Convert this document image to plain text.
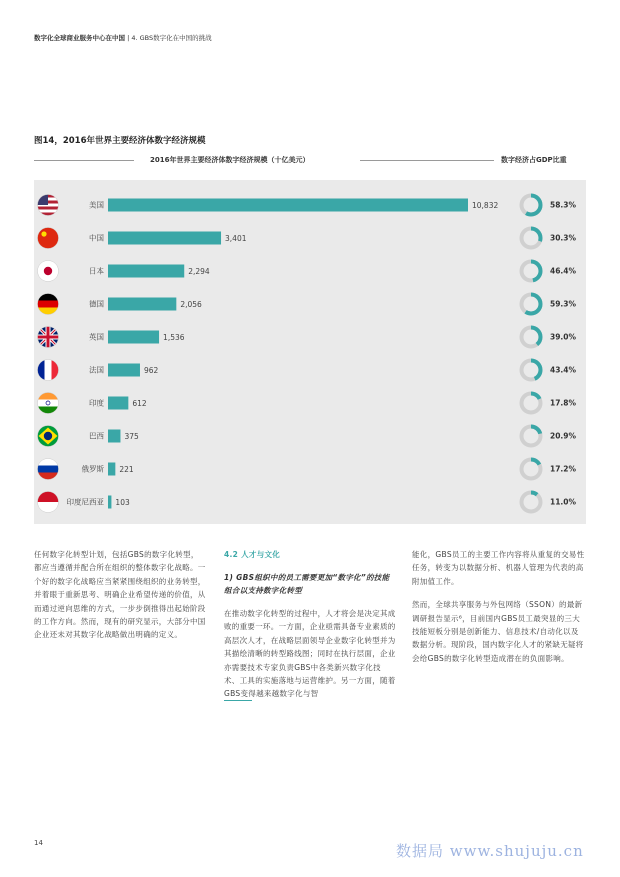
数字化全球商业服务中心在中国 | 4. GBS数字化在中国的挑战
图14，2016年世界主要经济体数字经济规模
2016年世界主要经济体数字经济规模（十亿美元）	数字经济占GDP比重
美国	10,832	58.3%
中国	3,401	30.3%
日本	2,294	46.4%
德国	2,056	59.3%
英国	1,536	39.0%
法国	962	43.4%
印度	612	17.8%
巴西	375	20.9%
俄罗斯 221	17.2%
印度尼西亚 103	11.0%

任何数字化转型计划，包括GBS的数字化转型，都应当遵循并配合所在组织的整体数字化战略。一个好的数字化战略应当紧紧围绕组织的业务转型，并着眼于重新思考、明确企业希望传递的价值，从而通过逆向思维的方式，一步步倒推得出起始阶段的工作方向。然而，现有的研究显示，大部分中国企业还未对其数字化战略做出明确的定义。

4.2 人才与文化

1) GBS组织中的员工需要更加“数字化”的技能组合以支持数字化转型

在推动数字化转型的过程中，人才将会是决定其成败的重要一环。一方面，企业亟需具备专业素质的高层次人才，在战略层面领导企业数字化转型并为其描绘清晰的转型路线图；同时在执行层面，企业亦需要技术专家负责GBS中各类新兴数字化技术、工具的实施落地与运营维护。另一方面，随着GBS变得越来越数字化与智

能化，GBS员工的主要工作内容将从重复的交易性任务，转变为以数据分析、机器人管理为代表的高附加值工作。

然而，全球共享服务与外包网络（SSON）的最新调研报告显示⁶，目前国内GBS员工最突显的三大技能短板分别是创新能力、信息技术/自动化以及数据分析。现阶段，国内数字化人才的紧缺无疑将会给GBS的数字化转型造成潜在的负面影响。

14	数据局 www.shujuju.cn
